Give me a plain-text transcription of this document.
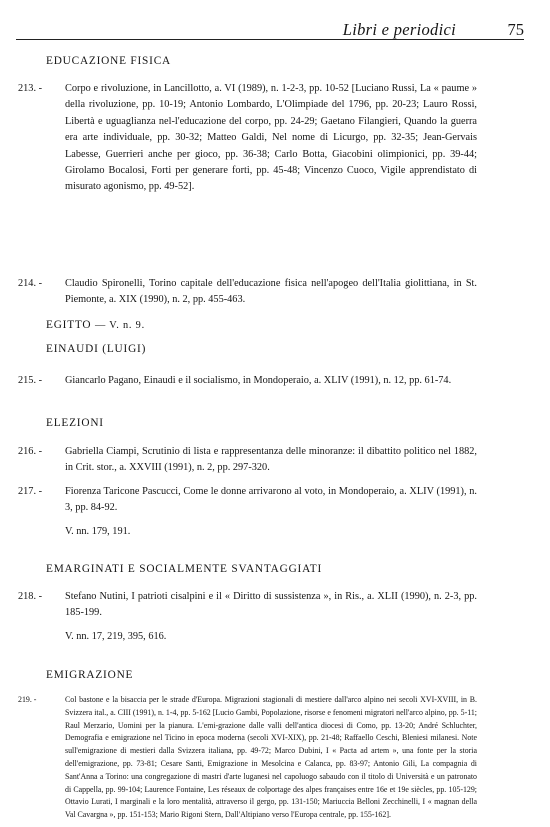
Libri e periodici	75
EDUCAZIONE FISICA
213. - Corpo e rivoluzione, in Lancillotto, a. VI (1989), n. 1-2-3, pp. 10-52 [Luciano Russi, La « paume » della rivoluzione, pp. 10-19; Antonio Lombardo, L'Olimpiade del 1796, pp. 20-23; Lauro Rossi, Libertà e uguaglianza nel-l'educazione del corpo, pp. 24-29; Gaetano Filangieri, Quando la guerra era arte individuale, pp. 30-32; Matteo Galdi, Nel nome di Licurgo, pp. 32-35; Jean-Gervais Labesse, Guerrieri anche per gioco, pp. 36-38; Carlo Botta, Giacobini olimpionici, pp. 39-44; Girolamo Bocalosi, Forti per generare forti, pp. 45-48; Vincenzo Cuoco, Vigile apprendistato di misurato agonismo, pp. 49-52].

214. - Claudio Spironelli, Torino capitale dell'educazione fisica nell'apogeo dell'Italia giolittiana, in St. Piemonte, a. XIX (1990), n. 2, pp. 455-463.

EGITTO — V. n. 9.
EINAUDI (LUIGI)
215. - Giancarlo Pagano, Einaudi e il socialismo, in Mondoperaio, a. XLIV (1991), n. 12, pp. 61-74.

ELEZIONI
216. - Gabriella Ciampi, Scrutinio di lista e rappresentanza delle minoranze: il dibattito politico nel 1882, in Crit. stor., a. XXVIII (1991), n. 2, pp. 297-320.

217. - Fiorenza Taricone Pascucci, Come le donne arrivarono al voto, in Mondoperaio, a. XLIV (1991), n. 3, pp. 84-92.

V. nn. 179, 191.
EMARGINATI E SOCIALMENTE SVANTAGGIATI
218. - Stefano Nutini, I patrioti cisalpini e il « Diritto di sussistenza », in Ris., a. XLII (1990), n. 2-3, pp. 185-199.

V. nn. 17, 219, 395, 616.
EMIGRAZIONE
219. -	Col bastone e la bisaccia per le strade d'Europa. Migrazioni stagionali di mestiere dall'arco alpino nei secoli XVI-XVIII, in B. Svizzera ital., a. CIII (1991), n. 1-4, pp. 5-162 [Lucio Gambi, Popolazione, risorse e fenomeni migratori nell'arco alpino, pp. 5-11; Raul Merzario, Uomini per la pianura. L'emi-grazione dalle valli dell'antica diocesi di Como, pp. 13-20; André Schluchter, Demografia e emigrazione nel Ticino in epoca moderna (secoli XVI-XIX), pp. 21-48; Raffaello Ceschi, Bleniesi milanesi. Note sull'emigrazione di mestieri dalla Svizzera italiana, pp. 49-72; Marco Dubini, I « Pacta ad artem », una fonte per la storia dell'emigrazione, pp. 73-81; Cesare Santi, Emigrazione in Mesolcina e Calanca, pp. 83-97; Antonio Gili, La compagnia di Sant'Anna a Torino: una congregazione di mastri d'arte luganesi nel capoluogo sabaudo con il titolo di Università e un patronato di Cappella, pp. 99-104; Laurence Fontaine, Les réseaux de colportage des alpes françaises entre 16e et 19e siècles, pp. 105-129; Ottavio Lurati, I marginali e la loro mentalità, attraverso il gergo, pp. 131-150; Mariuccia Belloni Zecchinelli, I « magnan della Val Cavargna », pp. 151-153; Mario Rigoni Stern, Dall'Altipiano verso l'Europa centrale, pp. 155-162].
